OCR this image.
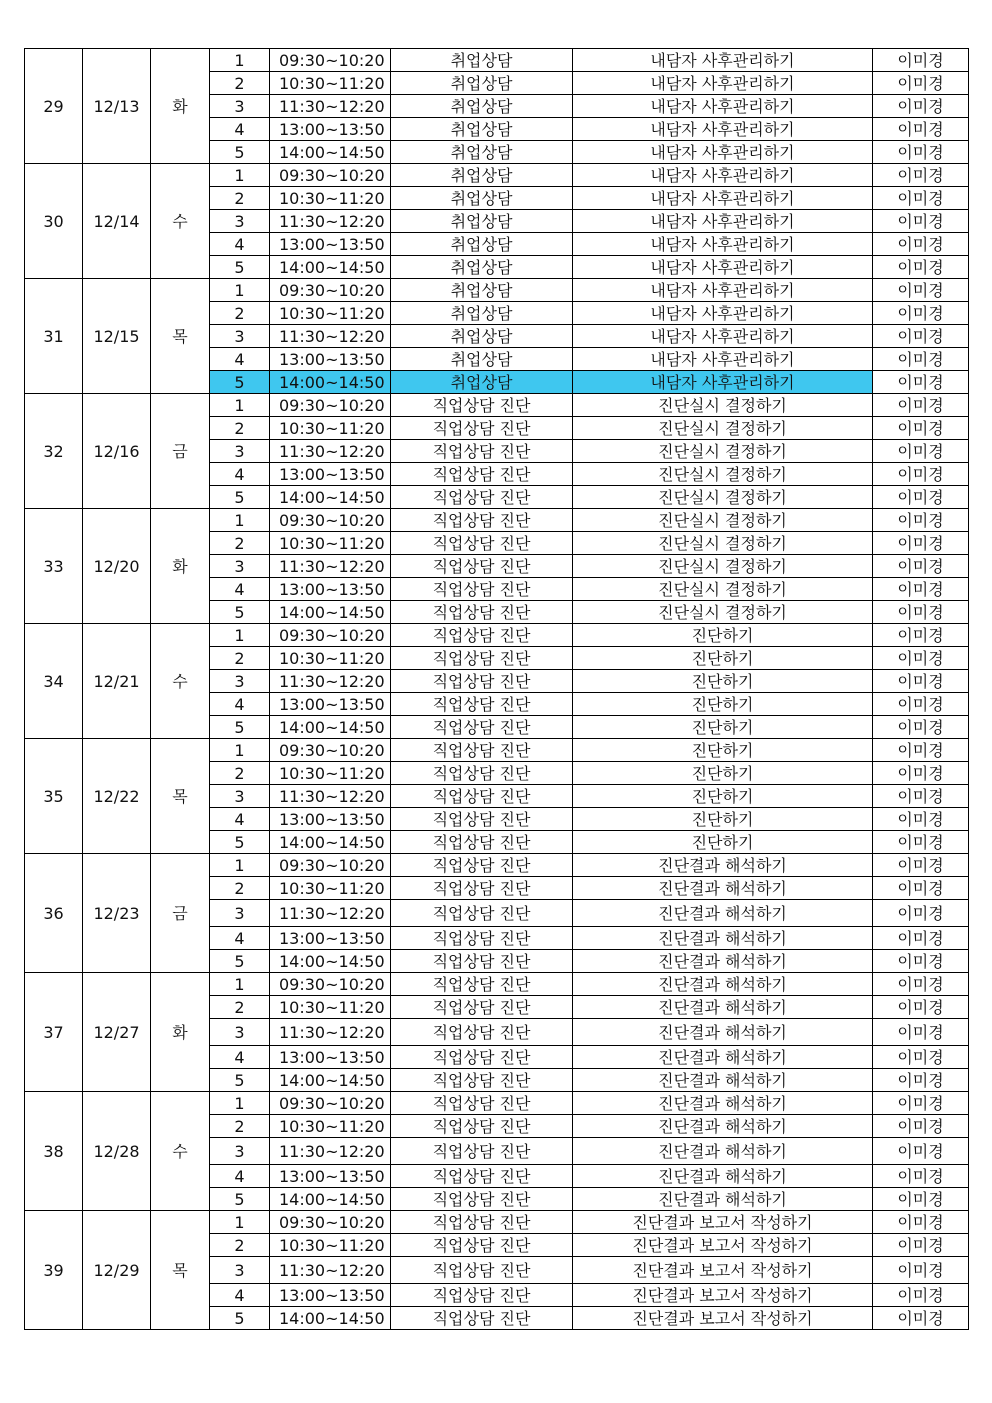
29	12/13	화	1	09:30~10:20	취업상담	내담자 사후관리하기	이미경
			2	10:30~11:20	취업상담	내담자 사후관리하기	이미경
			3	11:30~12:20	취업상담	내담자 사후관리하기	이미경
			4	13:00~13:50	취업상담	내담자 사후관리하기	이미경
			5	14:00~14:50	취업상담	내담자 사후관리하기	이미경
30	12/14	수	1	09:30~10:20	취업상담	내담자 사후관리하기	이미경
			2	10:30~11:20	취업상담	내담자 사후관리하기	이미경
			3	11:30~12:20	취업상담	내담자 사후관리하기	이미경
			4	13:00~13:50	취업상담	내담자 사후관리하기	이미경
			5	14:00~14:50	취업상담	내담자 사후관리하기	이미경
31	12/15	목	1	09:30~10:20	취업상담	내담자 사후관리하기	이미경
			2	10:30~11:20	취업상담	내담자 사후관리하기	이미경
			3	11:30~12:20	취업상담	내담자 사후관리하기	이미경
			4	13:00~13:50	취업상담	내담자 사후관리하기	이미경
			5	14:00~14:50	취업상담	내담자 사후관리하기	이미경
32	12/16	금	1	09:30~10:20	직업상담 진단	진단실시 결정하기	이미경
			2	10:30~11:20	직업상담 진단	진단실시 결정하기	이미경
			3	11:30~12:20	직업상담 진단	진단실시 결정하기	이미경
			4	13:00~13:50	직업상담 진단	진단실시 결정하기	이미경
			5	14:00~14:50	직업상담 진단	진단실시 결정하기	이미경
33	12/20	화	1	09:30~10:20	직업상담 진단	진단실시 결정하기	이미경
			2	10:30~11:20	직업상담 진단	진단실시 결정하기	이미경
			3	11:30~12:20	직업상담 진단	진단실시 결정하기	이미경
			4	13:00~13:50	직업상담 진단	진단실시 결정하기	이미경
			5	14:00~14:50	직업상담 진단	진단실시 결정하기	이미경
34	12/21	수	1	09:30~10:20	직업상담 진단	진단하기	이미경
			2	10:30~11:20	직업상담 진단	진단하기	이미경
			3	11:30~12:20	직업상담 진단	진단하기	이미경
			4	13:00~13:50	직업상담 진단	진단하기	이미경
			5	14:00~14:50	직업상담 진단	진단하기	이미경
35	12/22	목	1	09:30~10:20	직업상담 진단	진단하기	이미경
			2	10:30~11:20	직업상담 진단	진단하기	이미경
			3	11:30~12:20	직업상담 진단	진단하기	이미경
			4	13:00~13:50	직업상담 진단	진단하기	이미경
			5	14:00~14:50	직업상담 진단	진단하기	이미경
36	12/23	금	1	09:30~10:20	직업상담 진단	진단결과 해석하기	이미경
			2	10:30~11:20	직업상담 진단	진단결과 해석하기	이미경
			3	11:30~12:20	직업상담 진단	진단결과 해석하기	이미경
			4	13:00~13:50	직업상담 진단	진단결과 해석하기	이미경
			5	14:00~14:50	직업상담 진단	진단결과 해석하기	이미경
37	12/27	화	1	09:30~10:20	직업상담 진단	진단결과 해석하기	이미경
			2	10:30~11:20	직업상담 진단	진단결과 해석하기	이미경
			3	11:30~12:20	직업상담 진단	진단결과 해석하기	이미경
			4	13:00~13:50	직업상담 진단	진단결과 해석하기	이미경
			5	14:00~14:50	직업상담 진단	진단결과 해석하기	이미경
38	12/28	수	1	09:30~10:20	직업상담 진단	진단결과 해석하기	이미경
			2	10:30~11:20	직업상담 진단	진단결과 해석하기	이미경
			3	11:30~12:20	직업상담 진단	진단결과 해석하기	이미경
			4	13:00~13:50	직업상담 진단	진단결과 해석하기	이미경
			5	14:00~14:50	직업상담 진단	진단결과 해석하기	이미경
39	12/29	목	1	09:30~10:20	직업상담 진단	진단결과 보고서 작성하기	이미경
			2	10:30~11:20	직업상담 진단	진단결과 보고서 작성하기	이미경
			3	11:30~12:20	직업상담 진단	진단결과 보고서 작성하기	이미경
			4	13:00~13:50	직업상담 진단	진단결과 보고서 작성하기	이미경
			5	14:00~14:50	직업상담 진단	진단결과 보고서 작성하기	이미경
